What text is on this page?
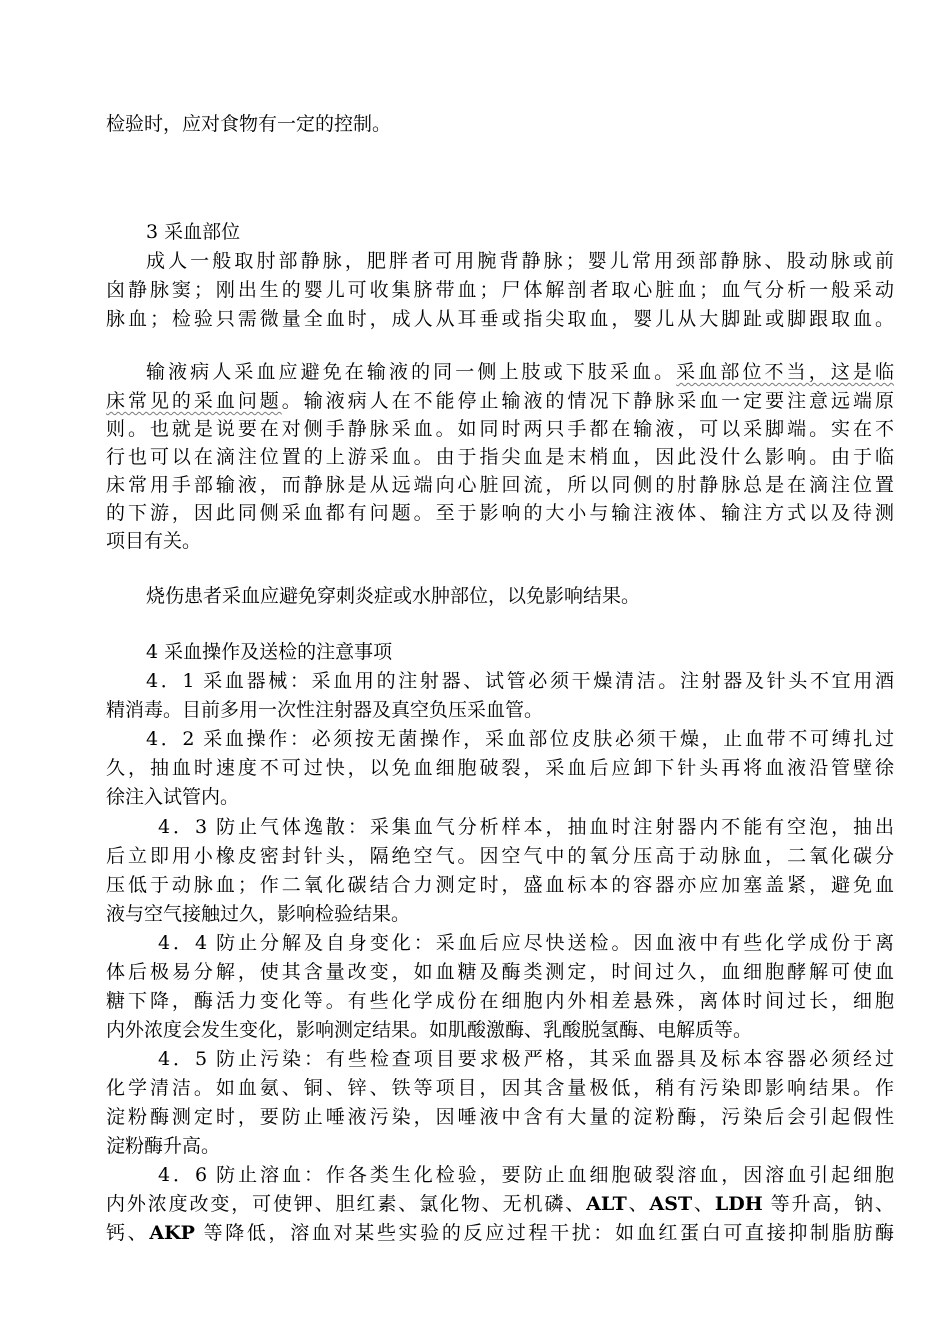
检验时，应对食物有一定的控制。
3 采血部位
成人一般取肘部静脉，肥胖者可用腕背静脉；婴儿常用颈部静脉、股动脉或前
囟静脉窦；刚出生的婴儿可收集脐带血；尸体解剖者取心脏血；血气分析一般采动
脉血；检验只需微量全血时，成人从耳垂或指尖取血，婴儿从大脚趾或脚跟取血。
输液病人采血应避免在输液的同一侧上肢或下肢采血。采血部位不当，这是临
床常见的采血问题。输液病人在不能停止输液的情况下静脉采血一定要注意远端原
则。也就是说要在对侧手静脉采血。如同时两只手都在输液，可以采脚端。实在不
行也可以在滴注位置的上游采血。由于指尖血是末梢血，因此没什么影响。由于临
床常用手部输液，而静脉是从远端向心脏回流，所以同侧的肘静脉总是在滴注位置
的下游，因此同侧采血都有问题。至于影响的大小与输注液体、输注方式以及待测
项目有关。
烧伤患者采血应避免穿刺炎症或水肿部位，以免影响结果。
4 采血操作及送检的注意事项
4．1 采血器械：采血用的注射器、试管必须干燥清洁。注射器及针头不宜用酒
精消毒。目前多用一次性注射器及真空负压采血管。
4．2 采血操作：必须按无菌操作，采血部位皮肤必须干燥，止血带不可缚扎过
久，抽血时速度不可过快，以免血细胞破裂，采血后应卸下针头再将血液沿管壁徐
徐注入试管内。
4．3 防止气体逸散：采集血气分析样本，抽血时注射器内不能有空泡，抽出
后立即用小橡皮密封针头，隔绝空气。因空气中的氧分压高于动脉血，二氧化碳分
压低于动脉血；作二氧化碳结合力测定时，盛血标本的容器亦应加塞盖紧，避免血
液与空气接触过久，影响检验结果。
4．4 防止分解及自身变化：采血后应尽快送检。因血液中有些化学成份于离
体后极易分解，使其含量改变，如血糖及酶类测定，时间过久，血细胞酵解可使血
糖下降，酶活力变化等。有些化学成份在细胞内外相差悬殊，离体时间过长，细胞
内外浓度会发生变化，影响测定结果。如肌酸激酶、乳酸脱氢酶、电解质等。
4．5 防止污染：有些检查项目要求极严格，其采血器具及标本容器必须经过
化学清洁。如血氨、铜、锌、铁等项目，因其含量极低，稍有污染即影响结果。作
淀粉酶测定时，要防止唾液污染，因唾液中含有大量的淀粉酶，污染后会引起假性
淀粉酶升高。
4．6 防止溶血：作各类生化检验，要防止血细胞破裂溶血，因溶血引起细胞
内外浓度改变，可使钾、胆红素、氯化物、无机磷、ALT、AST、LDH 等升高，钠、
钙、AKP 等降低，溶血对某些实验的反应过程干扰：如血红蛋白可直接抑制脂肪酶
